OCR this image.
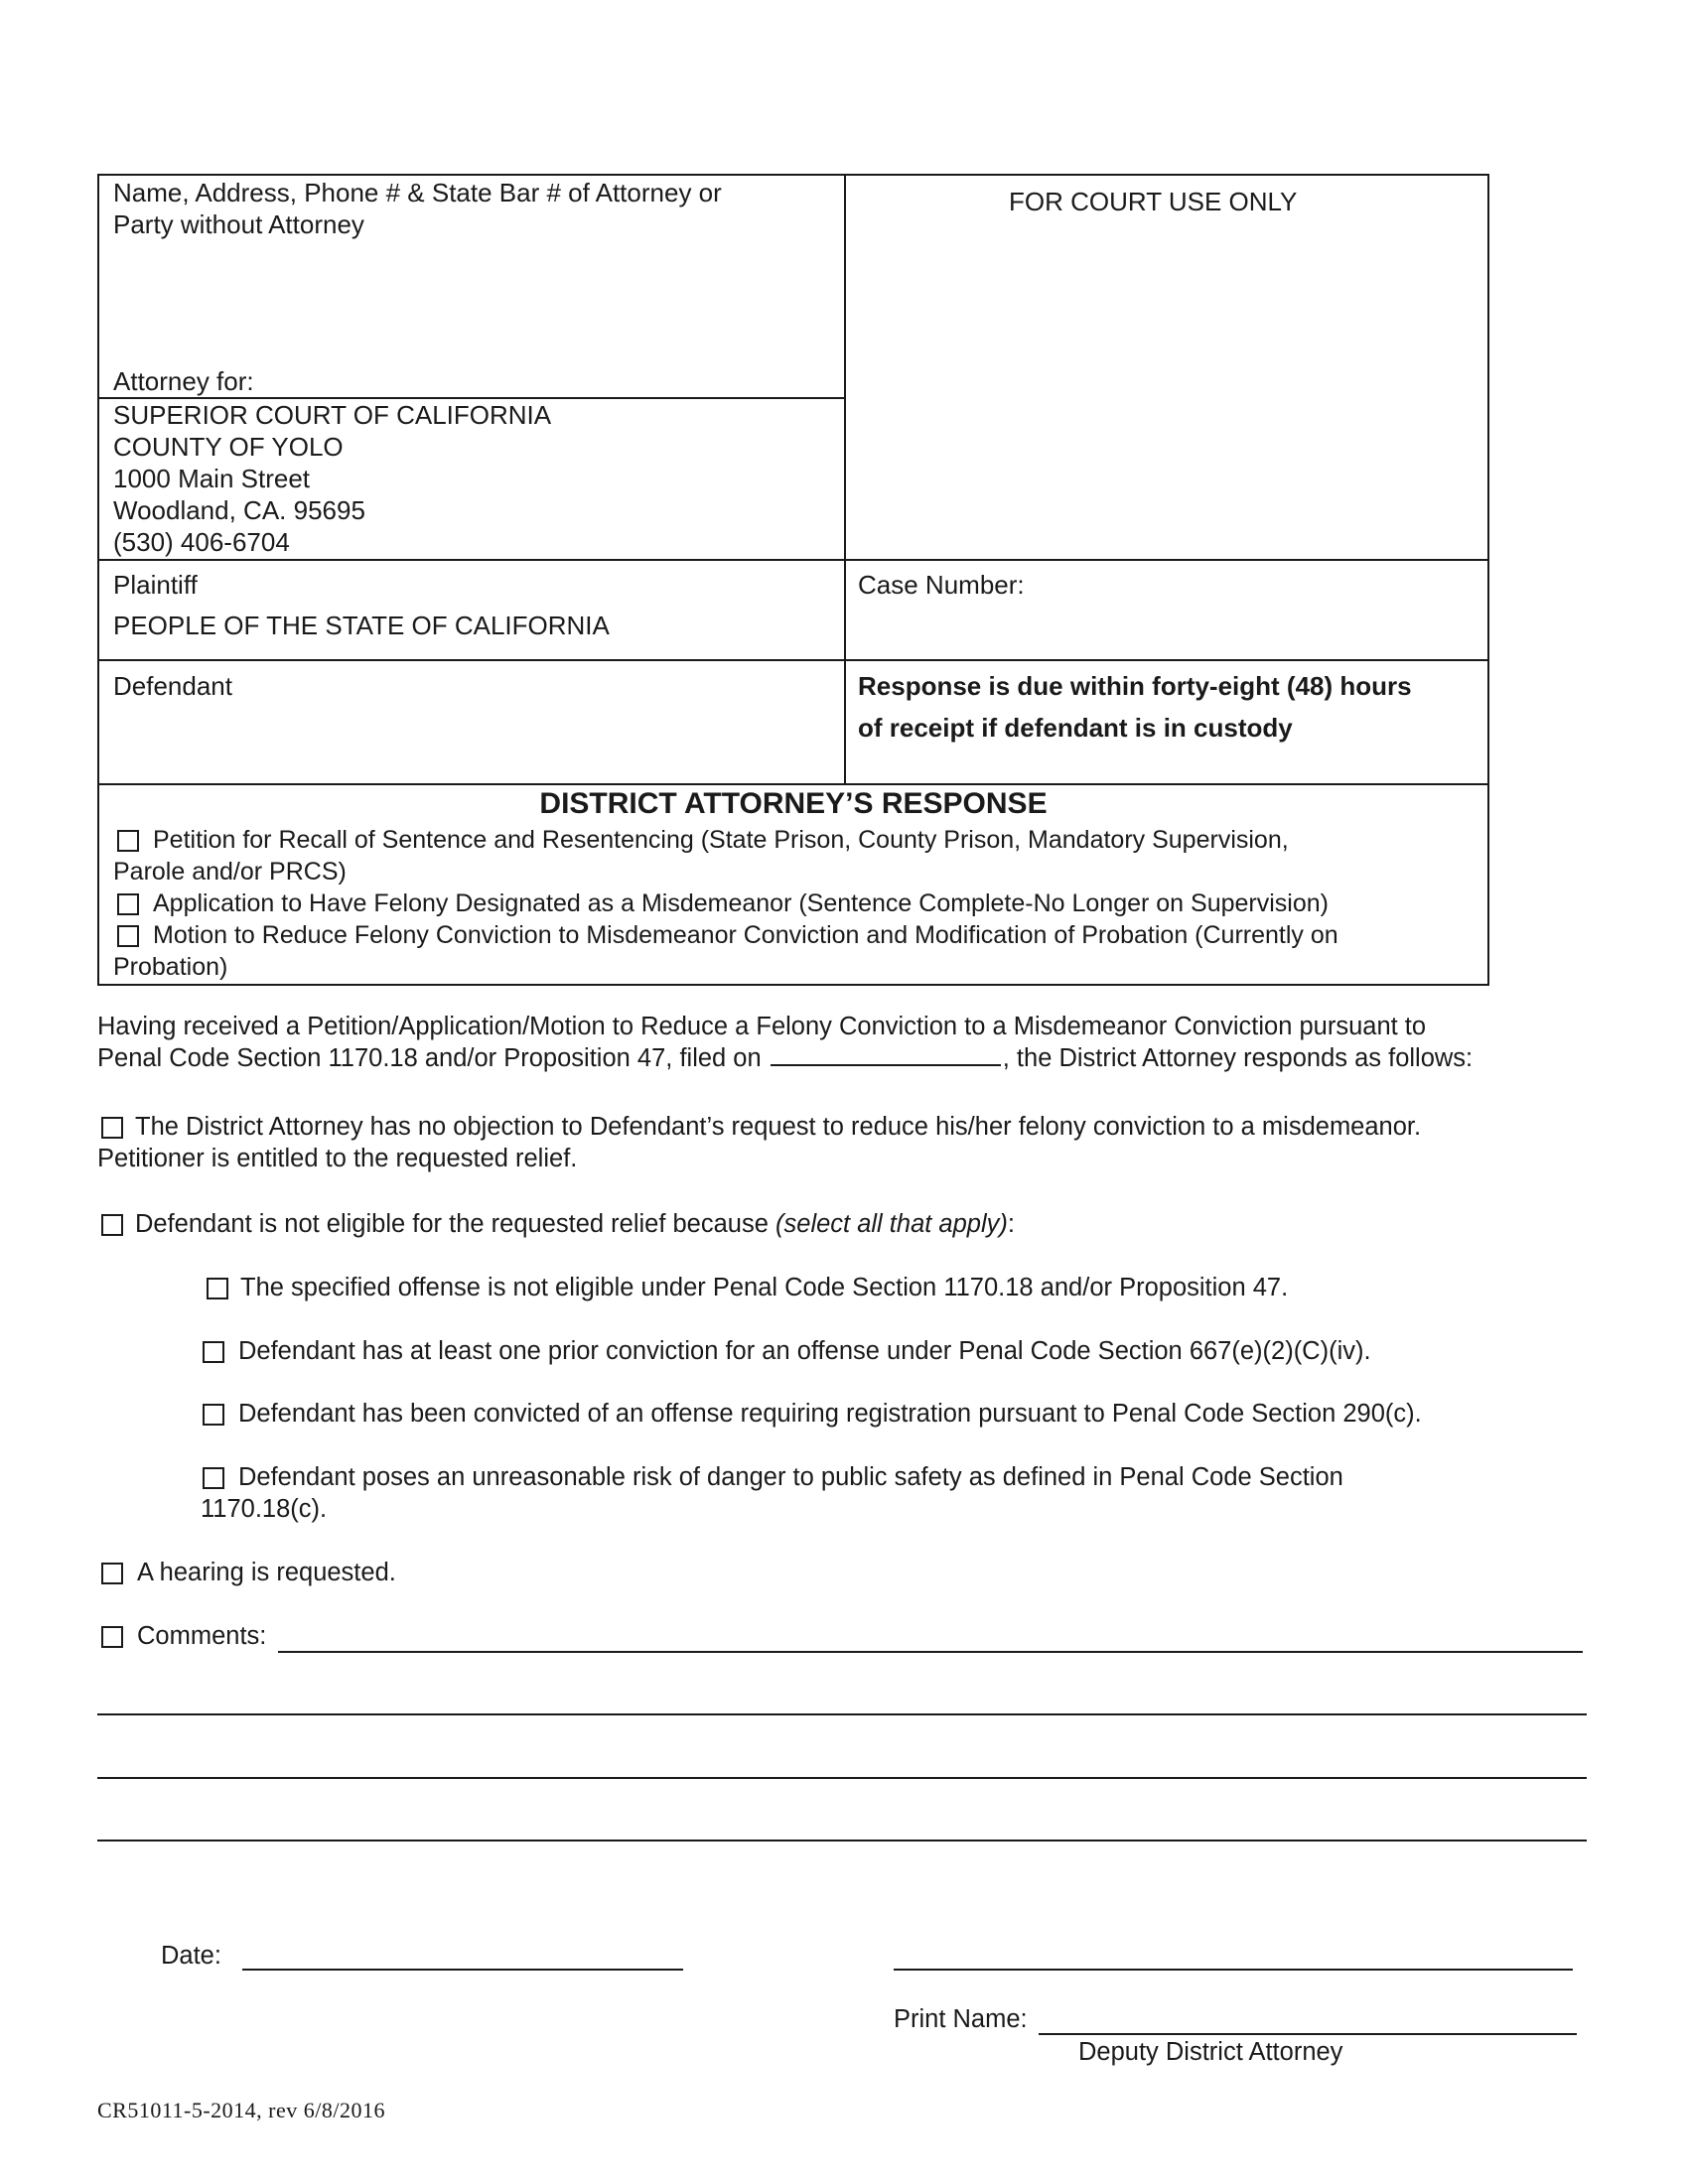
Name, Address, Phone # & State Bar # of Attorney or
Party without Attorney
Attorney for:
FOR COURT USE ONLY
SUPERIOR COURT OF CALIFORNIA
COUNTY OF YOLO
1000 Main Street
Woodland, CA. 95695
(530) 406-6704
Plaintiff
PEOPLE OF THE STATE OF CALIFORNIA
Case Number:
Defendant	Response is due within forty-eight (48) hours
of receipt if defendant is in custody
DISTRICT ATTORNEY’S RESPONSE
Petition for Recall of Sentence and Resentencing (State Prison, County Prison, Mandatory Supervision,
Parole and/or PRCS)
Application to Have Felony Designated as a Misdemeanor (Sentence Complete-No Longer on Supervision)
Motion to Reduce Felony Conviction to Misdemeanor Conviction and Modification of Probation (Currently on
Probation)
Having received a Petition/Application/Motion to Reduce a Felony Conviction to a Misdemeanor Conviction pursuant to
Penal Code Section 1170.18 and/or Proposition 47, filed on	, the District Attorney responds as follows:
The District Attorney has no objection to Defendant’s request to reduce his/her felony conviction to a misdemeanor.
Petitioner is entitled to the requested relief.
Defendant is not eligible for the requested relief because (select all that apply):
The specified offense is not eligible under Penal Code Section 1170.18 and/or Proposition 47.
Defendant has at least one prior conviction for an offense under Penal Code Section 667(e)(2)(C)(iv).
Defendant has been convicted of an offense requiring registration pursuant to Penal Code Section 290(c).
Defendant poses an unreasonable risk of danger to public safety as defined in Penal Code Section
1170.18(c).
A hearing is requested.
Comments:
Date:
Print Name:
Deputy District Attorney
CR51011-5-2014, rev 6/8/2016
